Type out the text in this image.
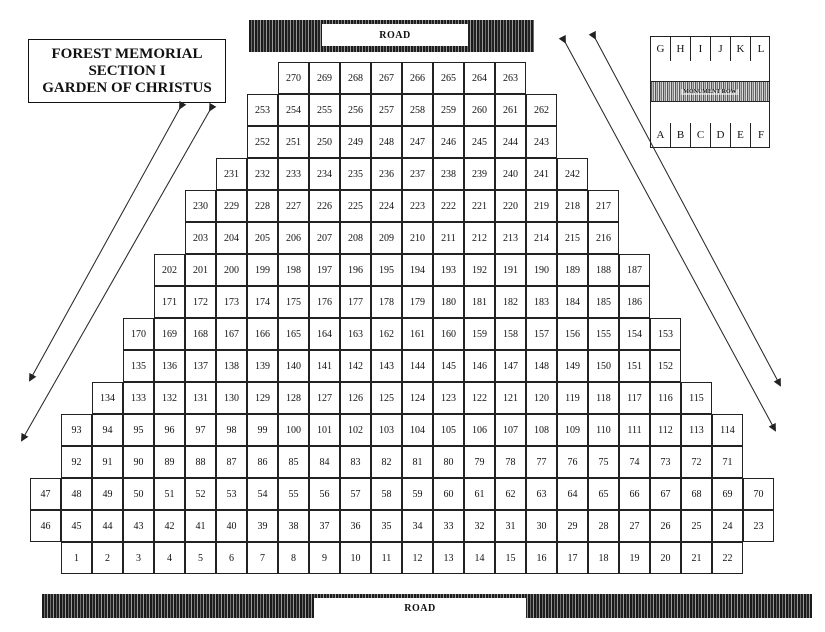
ROAD
ROAD
FOREST MEMORIAL
SECTION I
GARDEN OF CHRISTUS
270	269	268	267	266	265	264	263
253	254	255	256	257	258	259	260	261	262
252	251	250	249	248	247	246	245	244	243
231	232	233	234	235	236	237	238	239	240	241	242
230	229	228	227	226	225	224	223	222	221	220	219	218	217
203	204	205	206	207	208	209	210	211	212	213	214	215	216
202	201	200	199	198	197	196	195	194	193	192	191	190	189	188	187
171	172	173	174	175	176	177	178	179	180	181	182	183	184	185	186
170	169	168	167	166	165	164	163	162	161	160	159	158	157	156	155	154	153
135	136	137	138	139	140	141	142	143	144	145	146	147	148	149	150	151	152
134	133	132	131	130	129	128	127	126	125	124	123	122	121	120	119	118	117	116	115
93	94	95	96	97	98	99	100	101	102	103	104	105	106	107	108	109	110	111	112	113	114
92	91	90	89	88	87	86	85	84	83	82	81	80	79	78	77	76	75	74	73	72	71
47	48	49	50	51	52	53	54	55	56	57	58	59	60	61	62	63	64	65	66	67	68	69	70
46	45	44	43	42	41	40	39	38	37	36	35	34	33	32	31	30	29	28	27	26	25	24	23
1	2	3	4	5	6	7	8	9	10	11	12	13	14	15	16	17	18	19	20	21	22
G	H	I	J	K	L
MONUMENT ROW
A	B	C	D	E	F
